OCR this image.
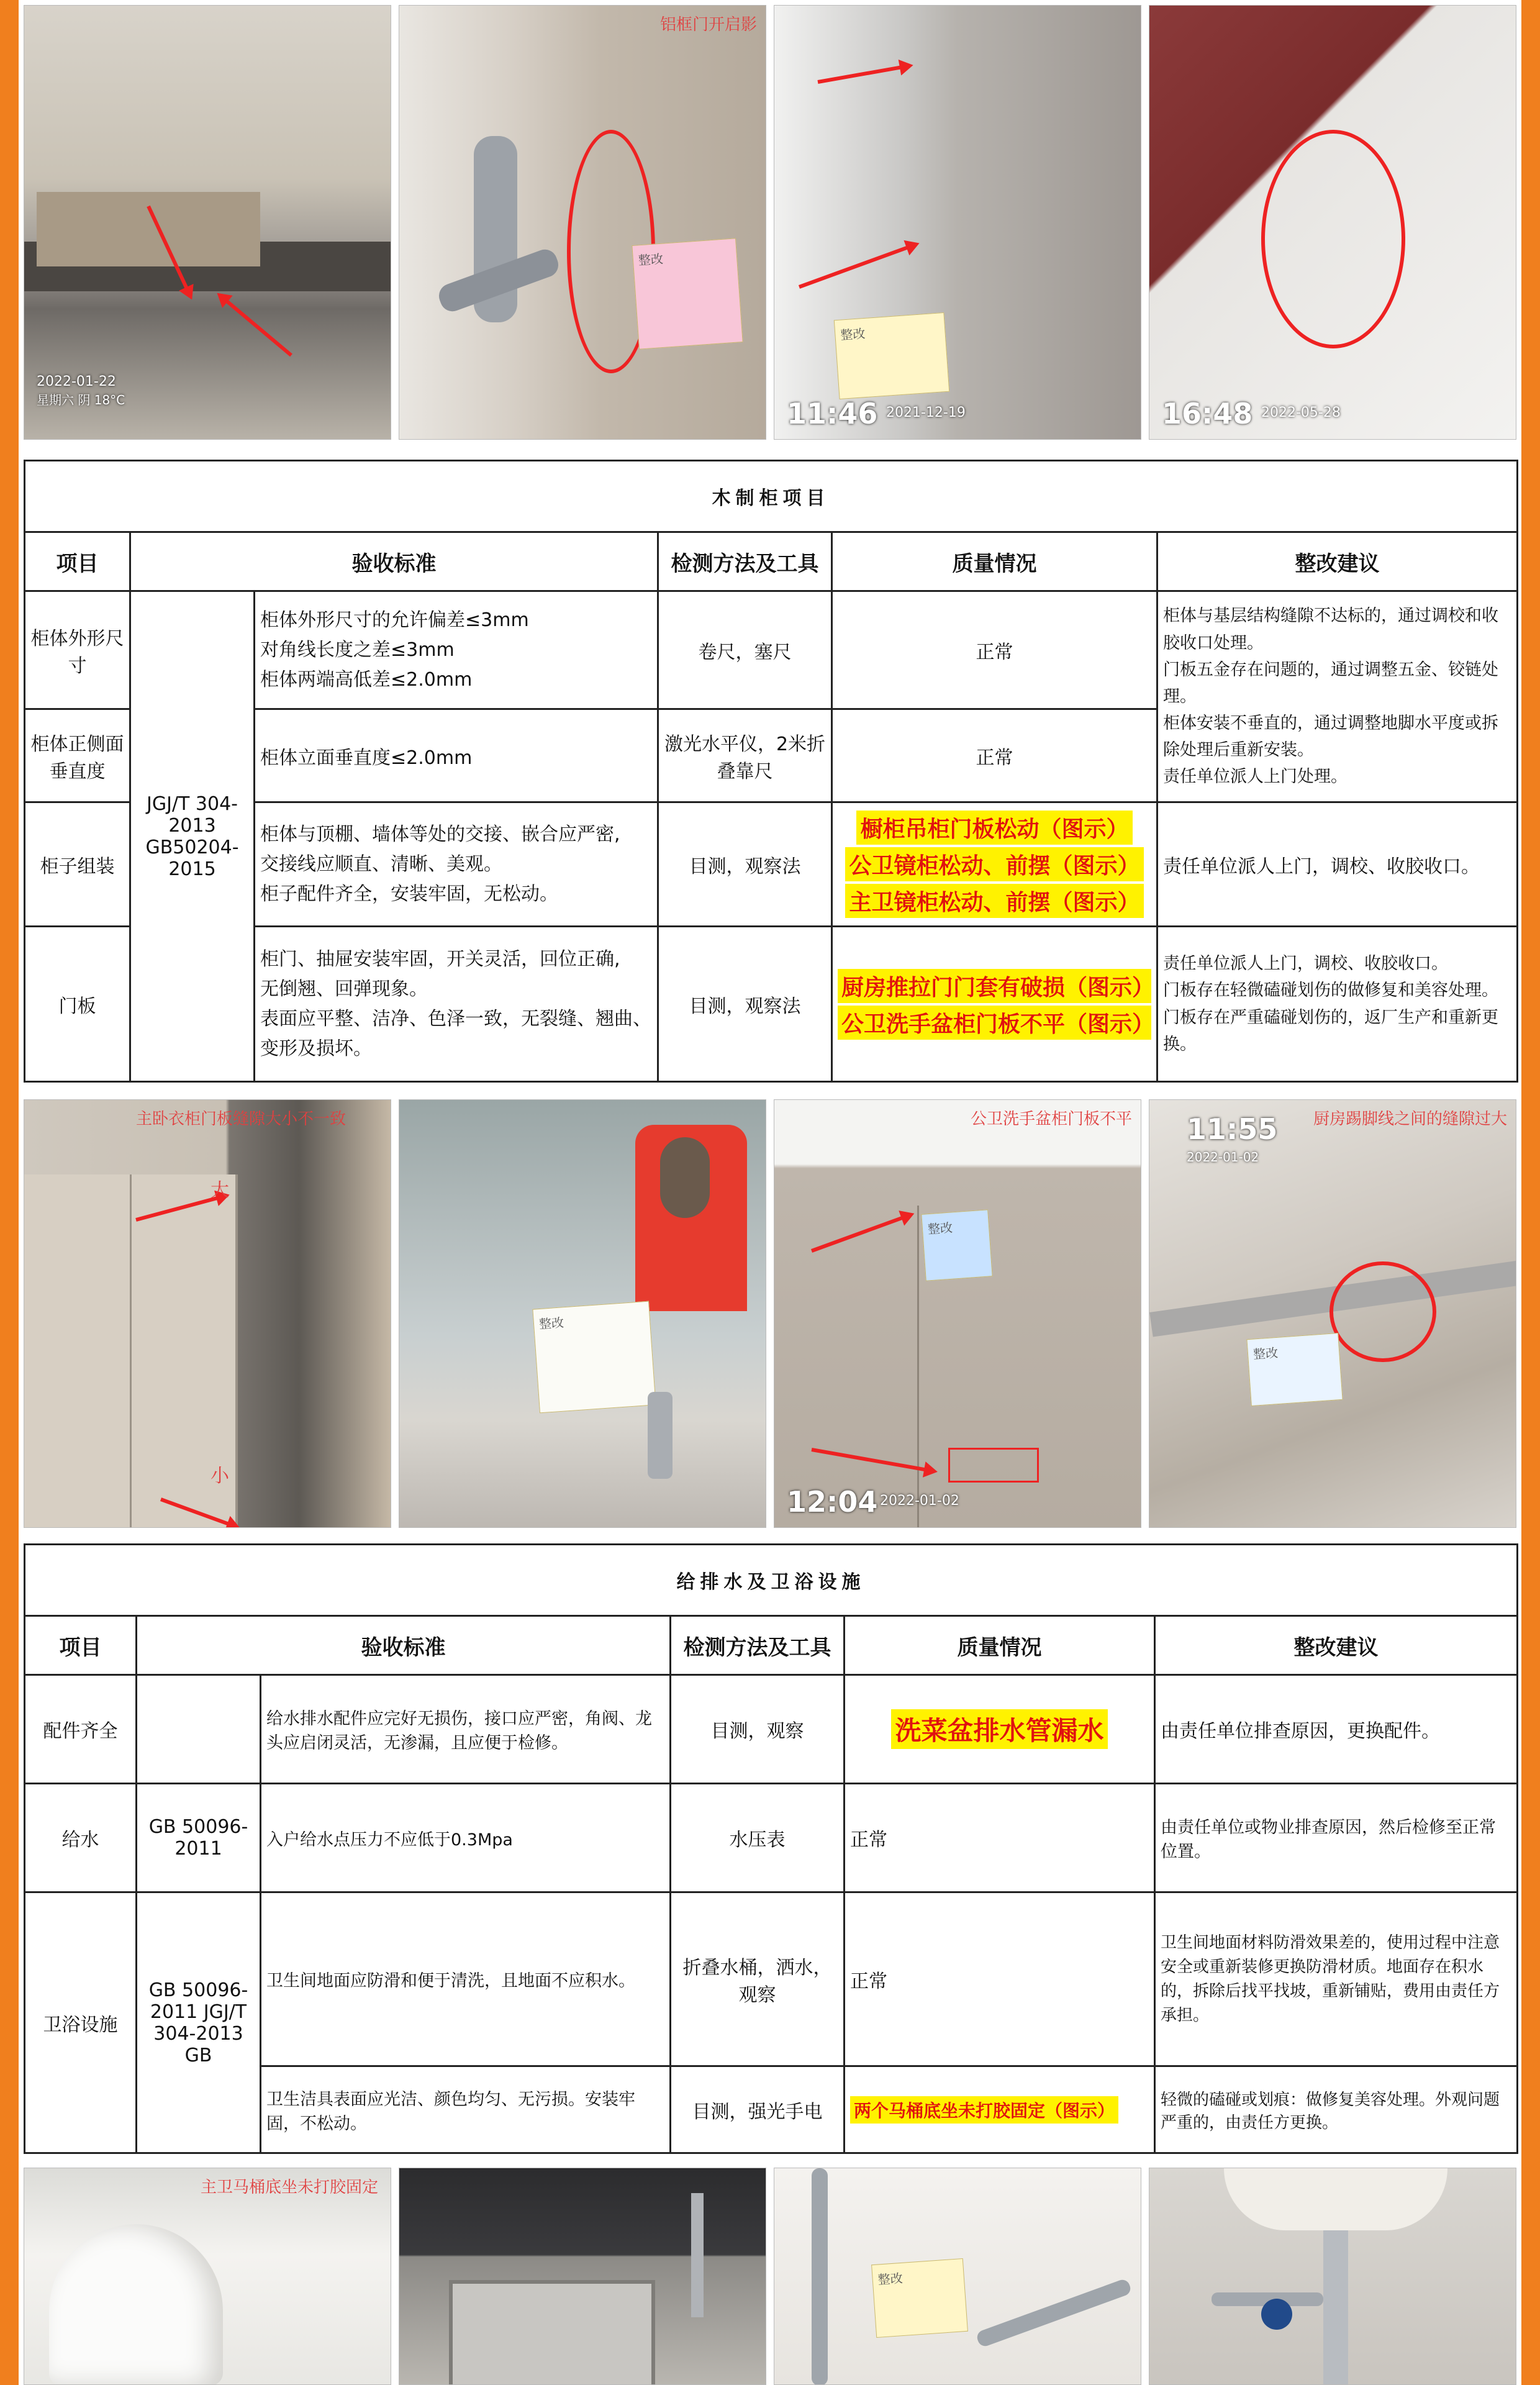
2022-01-22
星期六 阴 18°C
整改
铝框门开启影
整改
11:46 2021-12-19	16:48 2022-05-28
木制柜项目					
项目	验收标准		检测方法及工具	质量情况	整改建议
柜体外形尺寸	JGJ/T 304-2013 GB50204-2015	柜体外形尺寸的允许偏差≤3mm
对角线长度之差≤3mm
柜体两端高低差≤2.0mm	卷尺，塞尺	正常	柜体与基层结构缝隙不达标的，通过调校和收胶收口处理。
门板五金存在问题的，通过调整五金、铰链处理。
柜体安装不垂直的，通过调整地脚水平度或拆除处理后重新安装。
责任单位派人上门处理。

柜体正侧面垂直度		柜体立面垂直度≤2.0mm	激光水平仪，2米折叠靠尺	正常	
柜子组装		柜体与顶棚、墙体等处的交接、嵌合应严密,
交接线应顺直、清晰、美观。
柜子配件齐全，安装牢固，无松动。	目测，观察法	橱柜吊柜门板松动（图示） 公卫镜柜松动、前摆（图示） 主卫镜柜松动、前摆（图示）	责任单位派人上门，调校、收胶收口。
门板		柜门、抽屉安装牢固，开关灵活，回位正确,
无倒翘、回弹现象。
表面应平整、洁净、色泽一致，无裂缝、翘曲、
变形及损坏。	目测，观察法	厨房推拉门门套有破损（图示） 公卫洗手盆柜门板不平（图示）	责任单位派人上门，调校、收胶收口。
门板存在轻微磕碰划伤的做修复和美容处理。
门板存在严重磕碰划伤的，返厂生产和重新更换。
主卧衣柜门板缝隙大小不一致
大
小
整改
整改
公卫洗手盆柜门板不平
12:04 2022-01-02
整改
厨房踢脚线之间的缝隙过大
11:55
2022-01-02
给排水及卫浴设施					
项目	验收标准		检测方法及工具	质量情况	整改建议
配件齐全		给水排水配件应完好无损伤，接口应严密，角阀、龙头应启闭灵活，无渗漏，且应便于检修。	目测，观察	洗菜盆排水管漏水	由责任单位排查原因，更换配件。
给水	GB 50096-2011	入户给水点压力不应低于0.3Mpa	水压表	正常	由责任单位或物业排查原因，然后检修至正常位置。
卫浴设施	GB 50096-2011 JGJ/T 304-2013 GB	卫生间地面应防滑和便于清洗，且地面不应积水。	折叠水桶，洒水，观察	正常	卫生间地面材料防滑效果差的，使用过程中注意安全或重新装修更换防滑材质。地面存在积水的，拆除后找平找坡，重新铺贴，费用由责任方承担。
		卫生洁具表面应光洁、颜色均匀、无污损。安装牢固，不松动。	目测，强光手电	两个马桶底坐未打胶固定（图示）	轻微的磕碰或划痕：做修复美容处理。外观问题严重的，由责任方更换。
主卫马桶底坐未打胶固定
整改
